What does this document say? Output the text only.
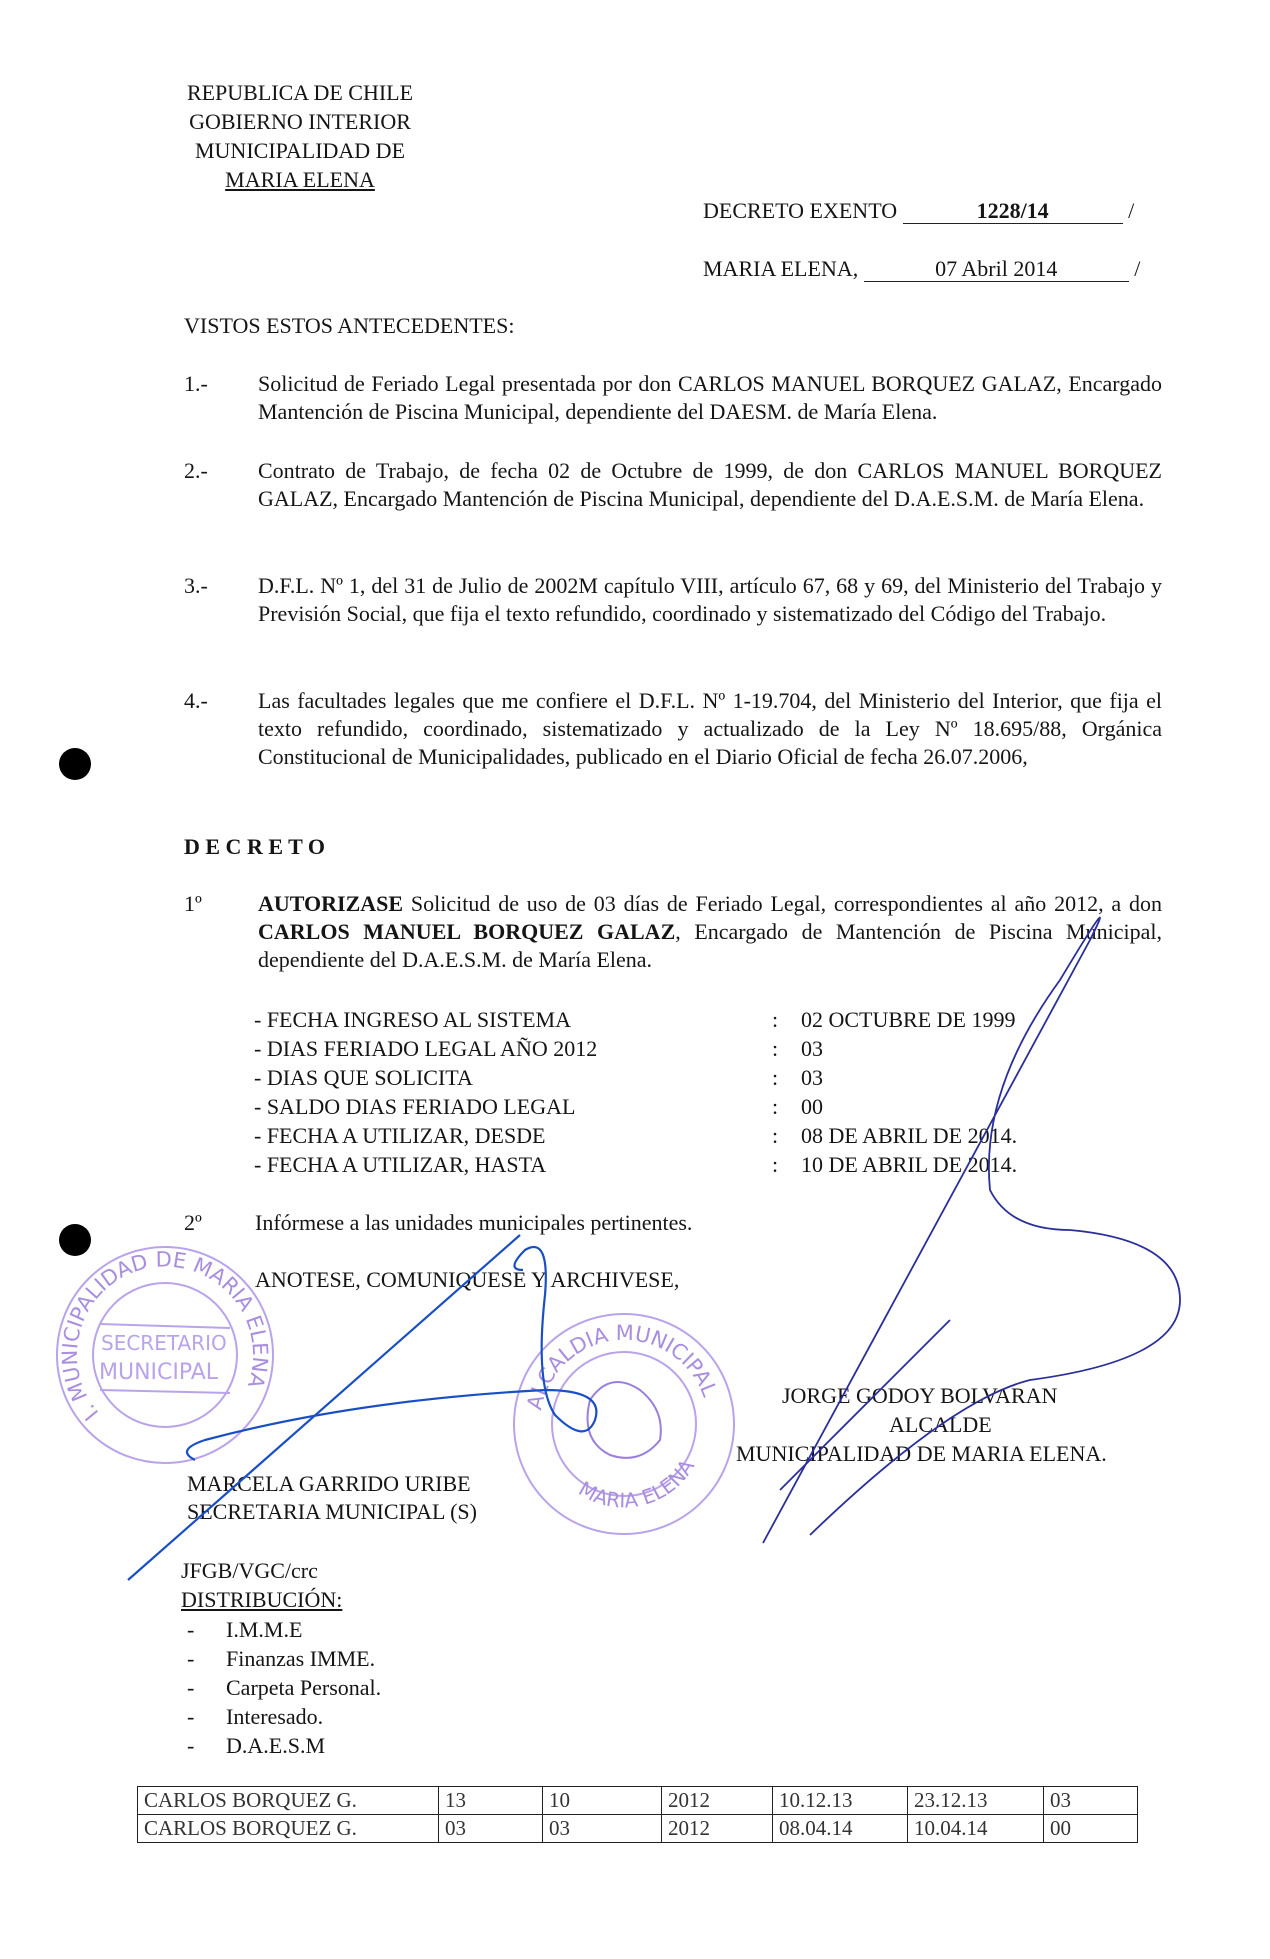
REPUBLICA DE CHILE
GOBIERNO INTERIOR
MUNICIPALIDAD DE
MARIA ELENA
DECRETO EXENTO	1228/14	/
MARIA ELENA,	07 Abril 2014	/
VISTOS ESTOS ANTECEDENTES:
1.- Solicitud de Feriado Legal presentada por don CARLOS MANUEL BORQUEZ GALAZ, Encargado Mantención de Piscina Municipal, dependiente del DAESM. de María Elena.
2.- Contrato de Trabajo, de fecha 02 de Octubre de 1999, de don CARLOS MANUEL BORQUEZ GALAZ, Encargado Mantención de Piscina Municipal, dependiente del D.A.E.S.M. de María Elena.
3.- D.F.L. Nº 1, del 31 de Julio de 2002M capítulo VIII, artículo 67, 68 y 69, del Ministerio del Trabajo y Previsión Social, que fija el texto refundido, coordinado y sistematizado del Código del Trabajo.
4.- Las facultades legales que me confiere el D.F.L. Nº 1-19.704, del Ministerio del Interior, que fija el texto refundido, coordinado, sistematizado y actualizado de la Ley Nº 18.695/88, Orgánica Constitucional de Municipalidades, publicado en el Diario Oficial de fecha 26.07.2006,
D E C R E T O
1º	AUTORIZASE Solicitud de uso de 03 días de Feriado Legal, correspondientes al año 2012, a don CARLOS MANUEL BORQUEZ GALAZ, Encargado de Mantención de Piscina Municipal, dependiente del D.A.E.S.M. de María Elena.
- FECHA INGRESO AL SISTEMA	: 02 OCTUBRE DE 1999
- DIAS FERIADO LEGAL AÑO 2012	: 03
- DIAS QUE SOLICITA	: 03
- SALDO DIAS FERIADO LEGAL	: 00
- FECHA A UTILIZAR, DESDE	: 08 DE ABRIL DE 2014.
- FECHA A UTILIZAR, HASTA	: 10 DE ABRIL DE 2014.
2º Infórmese a las unidades municipales pertinentes.
ANOTESE, COMUNIQUESE Y ARCHIVESE,
I. MUNICIPALIDAD DE MARIA ELENA
SECRETARIO
MUNICIPAL
ALCALDIA MUNICIPAL
MARIA ELENA
JORGE GODOY BOLVARAN
ALCALDE
MUNICIPALIDAD DE MARIA ELENA.
MARCELA GARRIDO URIBE
SECRETARIA MUNICIPAL (S)
JFGB/VGC/crc
DISTRIBUCIÓN:
- I.M.M.E
- Finanzas IMME.
- Carpeta Personal.
- Interesado.
- D.A.E.S.M
CARLOS BORQUEZ G.	13	10	2012	10.12.13	23.12.13	03
CARLOS BORQUEZ G.	03	03	2012	08.04.14	10.04.14	00
